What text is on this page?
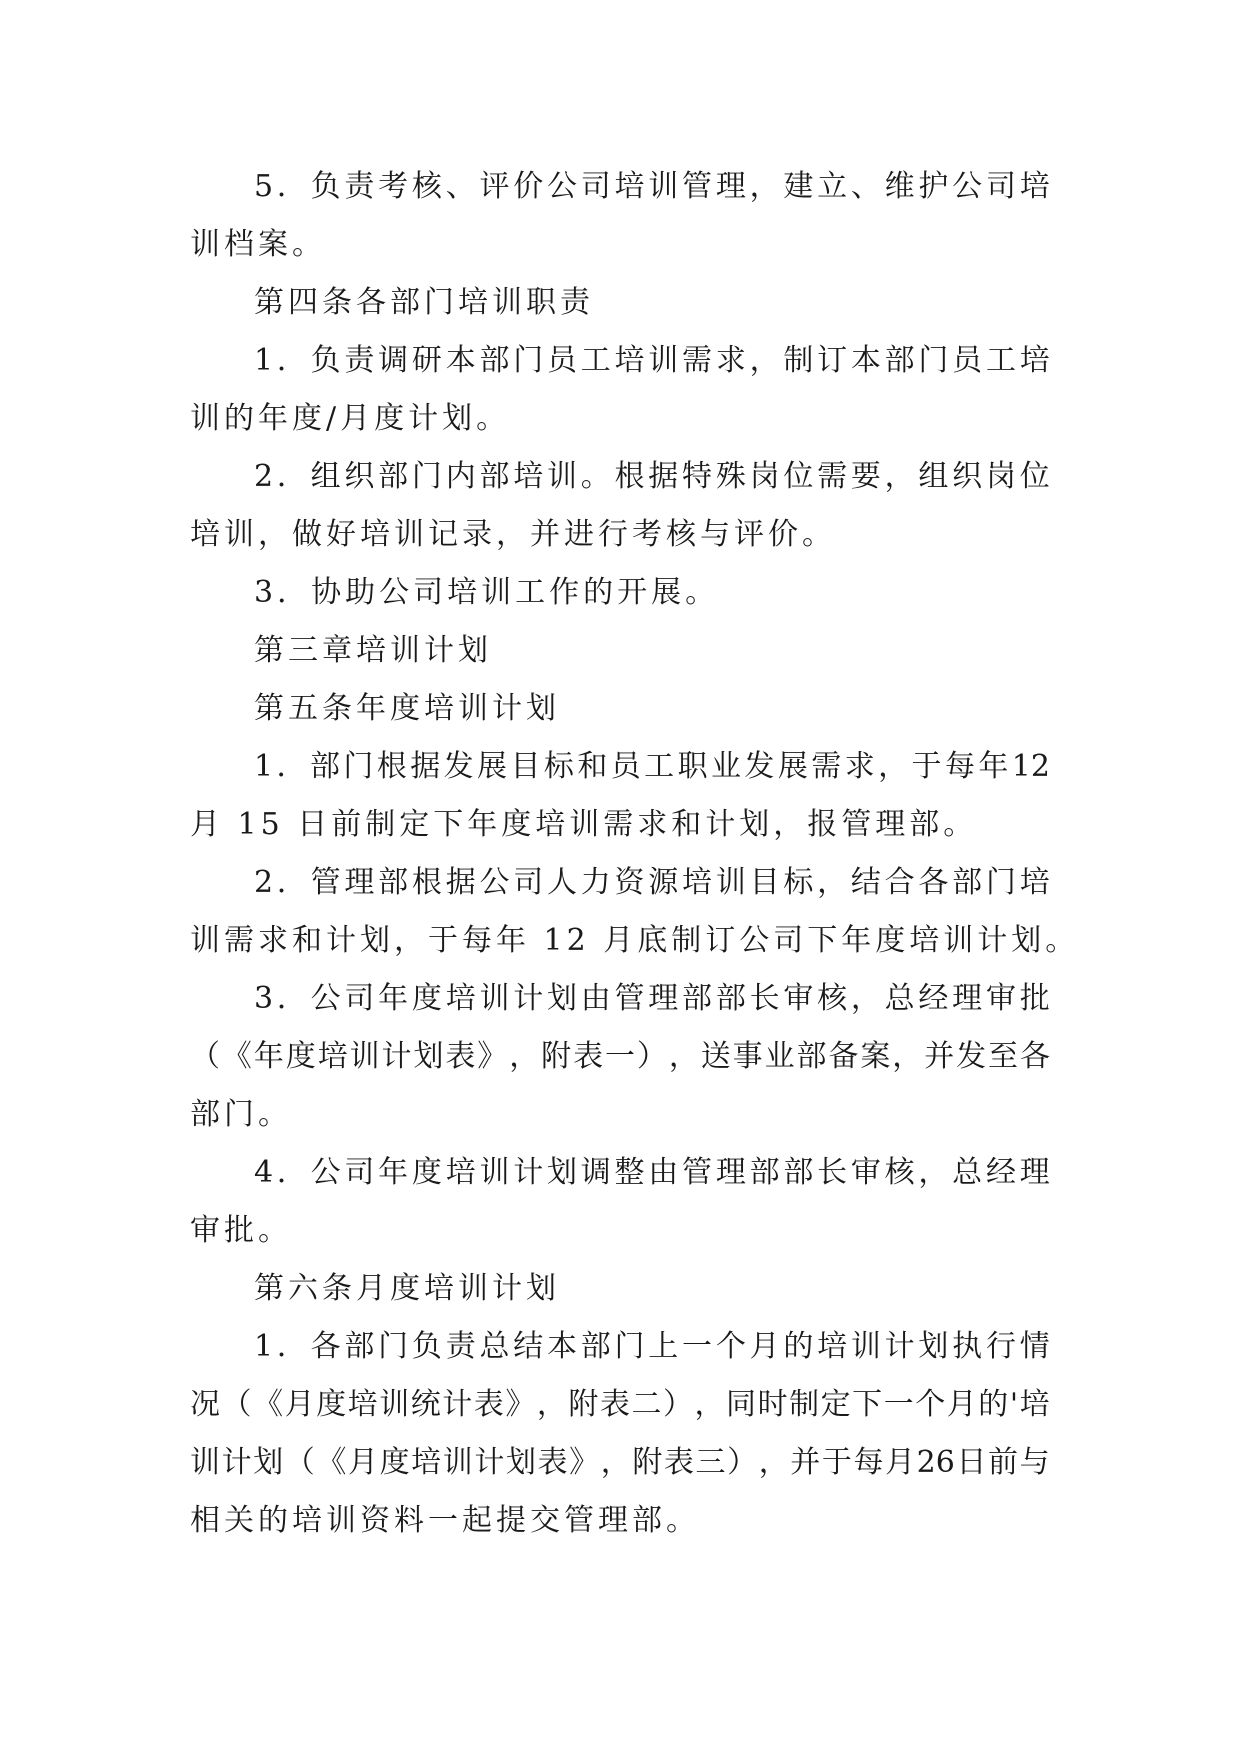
5 ． 负 责 考 核 、 评 价 公 司 培 训 管 理 ， 建 立 、 维 护 公 司 培
训档案。
第四条各部门培训职责
1 ． 负 责 调 研 本 部 门 员 工 培 训 需 求 ， 制 订 本 部 门 员 工 培
训的年度/月度计划。
2 ． 组 织 部 门 内 部 培 训 。 根 据 特 殊 岗 位 需 要 ， 组 织 岗 位
培训，做好培训记录，并进行考核与评价。
3．协助公司培训工作的开展。
第三章培训计划
第五条年度培训计划
1 ． 部 门 根 据 发 展 目 标 和 员 工 职 业 发 展 需 求 ， 于 每 年 12
月 15 日前制定下年度培训需求和计划，报管理部。
2 ． 管 理 部 根 据 公 司 人 力 资 源 培 训 目 标 ， 结 合 各 部 门 培
训需求和计划，于每年 12 月底制订公司下年度培训计划。
3 ． 公 司 年 度 培 训 计 划 由 管 理 部 部 长 审 核 ， 总 经 理 审 批
（ 《 年 度 培 训 计 划 表 》 ， 附 表 一 ） ， 送 事 业 部 备 案 ， 并 发 至 各
部门。
4 ． 公 司 年 度 培 训 计 划 调 整 由 管 理 部 部 长 审 核 ， 总 经 理
审批。
第六条月度培训计划
1 ． 各 部 门 负 责 总 结 本 部 门 上 一 个 月 的 培 训 计 划 执 行 情
况 （ 《 月 度 培 训 统 计 表 》 ， 附 表 二 ） ， 同 时 制 定 下 一 个 月 的 ' 培
训 计 划 （ 《 月 度 培 训 计 划 表 》 ， 附 表 三 ） ， 并 于 每 月 26 日 前 与
相关的培训资料一起提交管理部。
